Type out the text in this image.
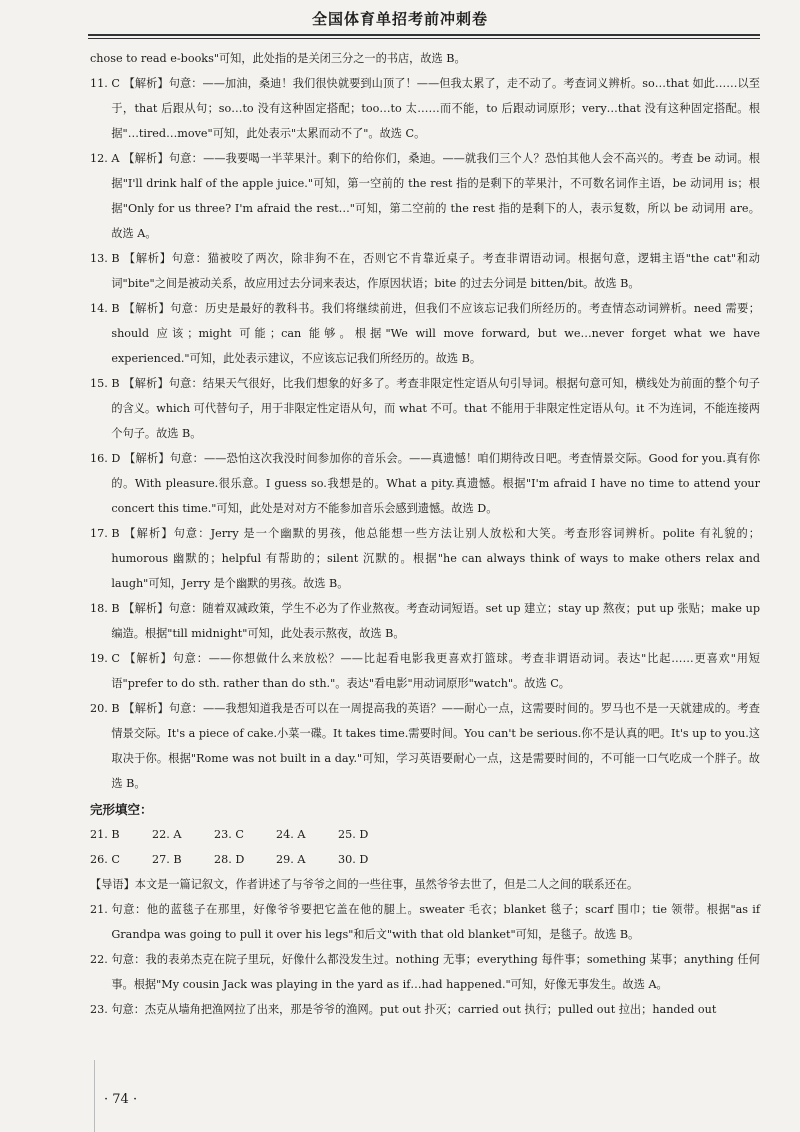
全国体育单招考前冲刺卷

chose to read e-books"可知，此处指的是关闭三分之一的书店，故选 B。

11. C 【解析】句意：——加油，桑迪！我们很快就要到山顶了！——但我太累了，走不动了。考查词义辨析。so…that 如此……以至于，that 后跟从句；so…to 没有这种固定搭配；too…to 太……而不能，to 后跟动词原形；very…that 没有这种固定搭配。根据"…tired…move"可知，此处表示"太累而动不了"。故选 C。
12. A 【解析】句意：——我要喝一半苹果汁。剩下的给你们，桑迪。——就我们三个人？恐怕其他人会不高兴的。考查 be 动词。根据"I'll drink half of the apple juice."可知，第一空前的 the rest 指的是剩下的苹果汁，不可数名词作主语，be 动词用 is；根据"Only for us three? I'm afraid the rest…"可知，第二空前的 the rest 指的是剩下的人，表示复数，所以 be 动词用 are。故选 A。
13. B 【解析】句意：猫被咬了两次，除非狗不在，否则它不肯靠近桌子。考查非谓语动词。根据句意，逻辑主语"the cat"和动词"bite"之间是被动关系，故应用过去分词来表达，作原因状语；bite 的过去分词是 bitten/bit。故选 B。
14. B 【解析】句意：历史是最好的教科书。我们将继续前进，但我们不应该忘记我们所经历的。考查情态动词辨析。need 需要；should 应该；might 可能；can 能够。根据"We will move forward, but we…never forget what we have experienced."可知，此处表示建议，不应该忘记我们所经历的。故选 B。
15. B 【解析】句意：结果天气很好，比我们想象的好多了。考查非限定性定语从句引导词。根据句意可知，横线处为前面的整个句子的含义。which 可代替句子，用于非限定性定语从句，而 what 不可。that 不能用于非限定性定语从句。it 不为连词，不能连接两个句子。故选 B。
16. D 【解析】句意：——恐怕这次我没时间参加你的音乐会。——真遗憾！咱们期待改日吧。考查情景交际。Good for you.真有你的。With pleasure.很乐意。I guess so.我想是的。What a pity.真遗憾。根据"I'm afraid I have no time to attend your concert this time."可知，此处是对对方不能参加音乐会感到遗憾。故选 D。
17. B 【解析】句意：Jerry 是一个幽默的男孩，他总能想一些方法让别人放松和大笑。考查形容词辨析。polite 有礼貌的；humorous 幽默的；helpful 有帮助的；silent 沉默的。根据"he can always think of ways to make others relax and laugh"可知，Jerry 是个幽默的男孩。故选 B。
18. B 【解析】句意：随着双减政策，学生不必为了作业熬夜。考查动词短语。set up 建立；stay up 熬夜；put up 张贴；make up 编造。根据"till midnight"可知，此处表示熬夜，故选 B。
19. C 【解析】句意：——你想做什么来放松？——比起看电影我更喜欢打篮球。考查非谓语动词。表达"比起……更喜欢"用短语"prefer to do sth. rather than do sth."。表达"看电影"用动词原形"watch"。故选 C。
20. B 【解析】句意：——我想知道我是否可以在一周提高我的英语？——耐心一点，这需要时间的。罗马也不是一天就建成的。考查情景交际。It's a piece of cake.小菜一碟。It takes time.需要时间。You can't be serious.你不是认真的吧。It's up to you.这取决于你。根据"Rome was not built in a day."可知，学习英语要耐心一点，这是需要时间的，不可能一口气吃成一个胖子。故选 B。
完形填空：
21. B	22. A	23. C	24. A	25. D
26. C	27. B	28. D	29. A	30. D

【导语】本文是一篇记叙文，作者讲述了与爷爷之间的一些往事，虽然爷爷去世了，但是二人之间的联系还在。

21. 句意：他的蓝毯子在那里，好像爷爷要把它盖在他的腿上。sweater 毛衣；blanket 毯子；scarf 围巾；tie 领带。根据"as if Grandpa was going to pull it over his legs"和后文"with that old blanket"可知，是毯子。故选 B。
22. 句意：我的表弟杰克在院子里玩，好像什么都没发生过。nothing 无事；everything 每件事；something 某事；anything 任何事。根据"My cousin Jack was playing in the yard as if…had happened."可知，好像无事发生。故选 A。
23. 句意：杰克从墙角把渔网拉了出来，那是爷爷的渔网。put out 扑灭；carried out 执行；pulled out 拉出；handed out
· 74 ·
